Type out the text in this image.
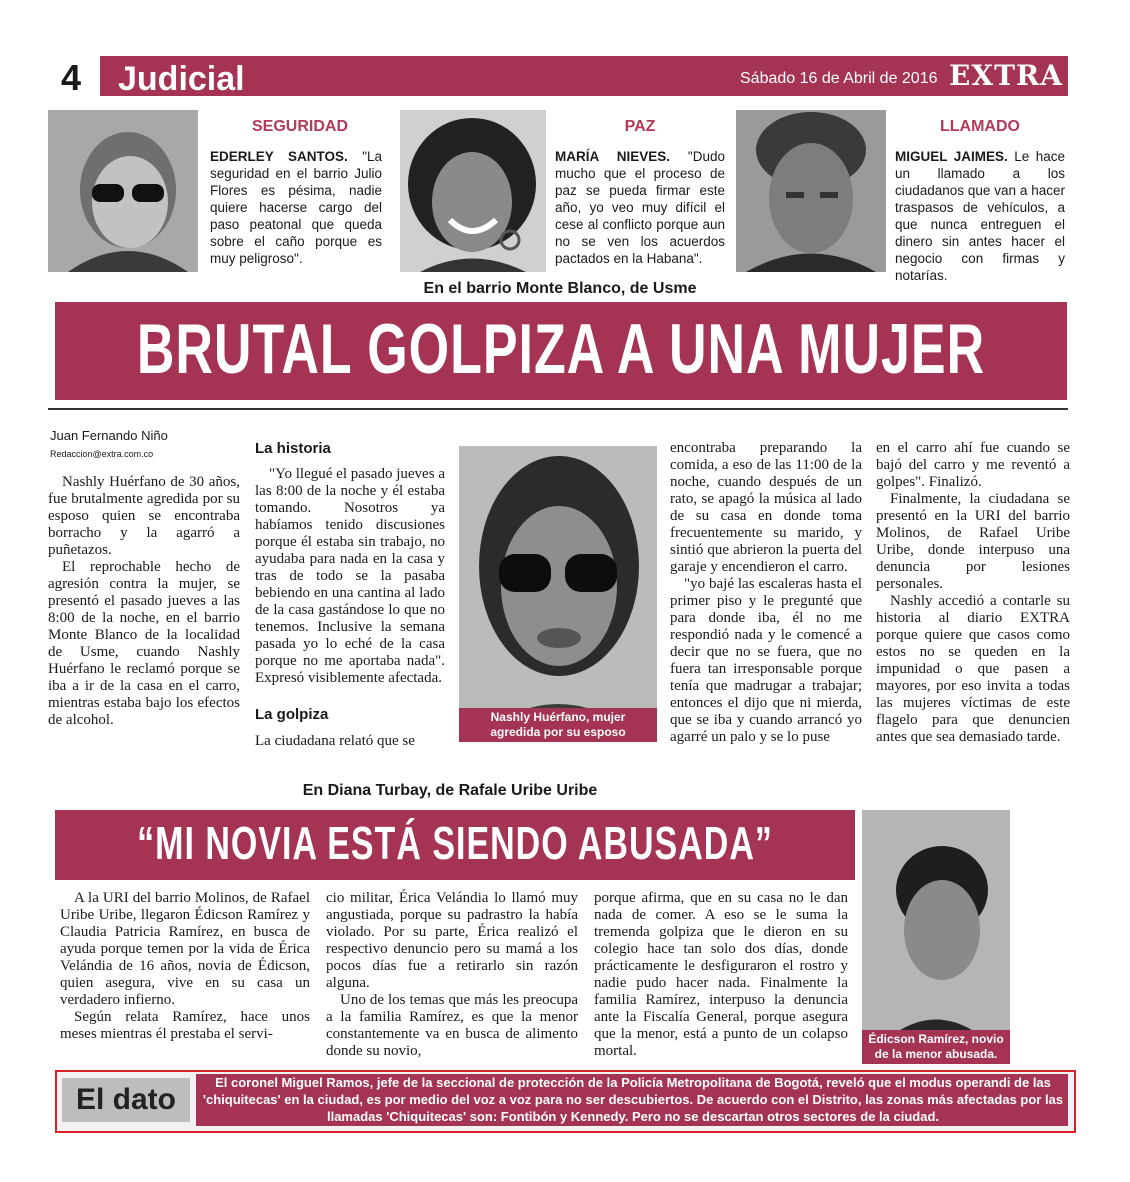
4	Judicial	Sábado 16 de Abril de 2016 EXTRA
SEGURIDAD
EDERLEY SANTOS. "La seguridad en el barrio Julio Flores es pésima, nadie quiere hacerse cargo del paso peatonal que queda sobre el caño porque es muy peligroso".
PAZ
MARÍA NIEVES. "Dudo mucho que el proceso de paz se pueda firmar este año, yo veo muy difícil el cese al conflicto porque aun no se ven los acuerdos pactados en la Habana".
LLAMADO
MIGUEL JAIMES. Le hace un llamado a los ciudadanos que van a hacer traspasos de vehículos, a que nunca entreguen el dinero sin antes hacer el negocio con firmas y notarías.
En el barrio Monte Blanco, de Usme
BRUTAL GOLPIZA A UNA MUJER
Juan Fernando Niño
Redaccion@extra.com.co

Nashly Huérfano de 30 años, fue brutalmente agredida por su esposo quien se encontraba borracho y la agarró a puñetazos.

El reprochable hecho de agresión contra la mujer, se presentó el pasado jueves a las 8:00 de la noche, en el barrio Monte Blanco de la localidad de Usme, cuando Nashly Huérfano le reclamó porque se iba a ir de la casa en el carro, mientras estaba bajo los efectos de alcohol.

La historia

"Yo llegué el pasado jueves a las 8:00 de la noche y él estaba tomando. Nosotros ya habíamos tenido discusiones porque él estaba sin trabajo, no ayudaba para nada en la casa y tras de todo se la pasaba bebiendo en una cantina al lado de la casa gastándose lo que no tenemos. Inclusive la semana pasada yo lo eché de la casa porque no me aportaba nada". Expresó visiblemente afectada.

La golpiza

La ciudadana relató que se

Nashly Huérfano, mujer agredida por su esposo

encontraba preparando la comida, a eso de las 11:00 de la noche, cuando después de un rato, se apagó la música al lado de su casa en donde toma frecuentemente su marido, y sintió que abrieron la puerta del garaje y encendieron el carro.

"yo bajé las escaleras hasta el primer piso y le pregunté que para donde iba, él no me respondió nada y le comencé a decir que no se fuera, que no fuera tan irresponsable porque tenía que madrugar a trabajar; entonces el dijo que ni mierda, que se iba y cuando arrancó yo agarré un palo y se lo puse

en el carro ahí fue cuando se bajó del carro y me reventó a golpes". Finalizó.

Finalmente, la ciudadana se presentó en la URI del barrio Molinos, de Rafael Uribe Uribe, donde interpuso una denuncia por lesiones personales.

Nashly accedió a contarle su historia al diario EXTRA porque quiere que casos como estos no se queden en la impunidad o que pasen a mayores, por eso invita a todas las mujeres víctimas de este flagelo para que denuncien antes que sea demasiado tarde.

En Diana Turbay, de Rafale Uribe Uribe
“MI NOVIA ESTÁ SIENDO ABUSADA”

A la URI del barrio Molinos, de Rafael Uribe Uribe, llegaron Édicson Ramírez y Claudia Patricia Ramírez, en busca de ayuda porque temen por la vida de Érica Velándia de 16 años, novia de Édicson, quien asegura, vive en su casa un verdadero infierno.

Según relata Ramírez, hace unos meses mientras él prestaba el servi-

cio militar, Érica Velándia lo llamó muy angustiada, porque su padrastro la había violado. Por su parte, Érica realizó el respectivo denuncio pero su mamá a los pocos días fue a retirarlo sin razón alguna.

Uno de los temas que más les preocupa a la familia Ramírez, es que la menor constantemente va en busca de alimento donde su novio,

porque afirma, que en su casa no le dan nada de comer. A eso se le suma la tremenda golpiza que le dieron en su colegio hace tan solo dos días, donde prácticamente le desfiguraron el rostro y nadie pudo hacer nada. Finalmente la familia Ramírez, interpuso la denuncia ante la Fiscalía General, porque asegura que la menor, está a punto de un colapso mortal.

Édicson Ramírez, novio de la menor abusada.
El dato
El coronel Miguel Ramos, jefe de la seccional de protección de la Policía Metropolitana de Bogotá, reveló que el modus operandi de las 'chiquitecas' en la ciudad, es por medio del voz a voz para no ser descubiertos. De acuerdo con el Distrito, las zonas más afectadas por las llamadas 'Chiquitecas' son: Fontibón y Kennedy. Pero no se descartan otros sectores de la ciudad.
